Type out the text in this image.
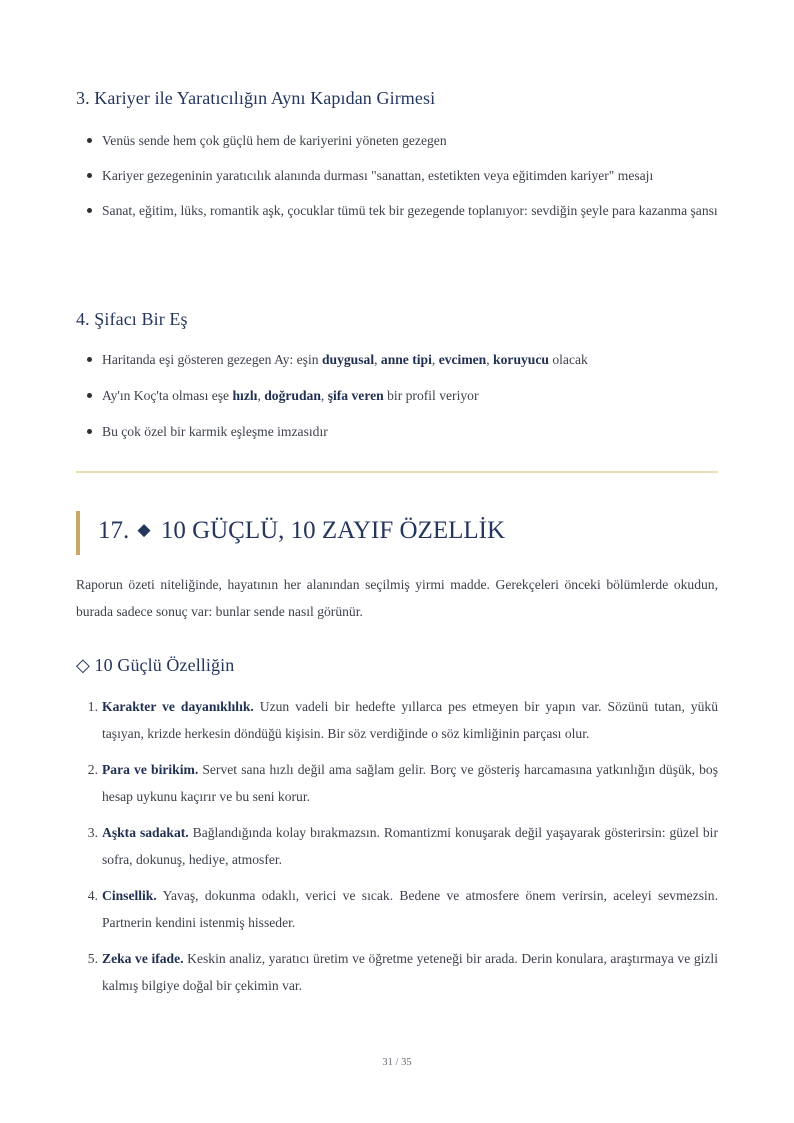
3. Kariyer ile Yaratıcılığın Aynı Kapıdan Girmesi
Venüs sende hem çok güçlü hem de kariyerini yöneten gezegen
Kariyer gezegeninin yaratıcılık alanında durması "sanattan, estetikten veya eğitimden kariyer" mesajı
Sanat, eğitim, lüks, romantik aşk, çocuklar tümü tek bir gezegende toplanıyor: sevdiğin şeyle para kazanma şansı
4. Şifacı Bir Eş
Haritanda eşi gösteren gezegen Ay: eşin duygusal, anne tipi, evcimen, koruyucu olacak
Ay'ın Koç'ta olması eşe hızlı, doğrudan, şifa veren bir profil veriyor
Bu çok özel bir karmik eşleşme imzasıdır
17. ◆ 10 GÜÇLÜ, 10 ZAYIF ÖZELLİK

Raporun özeti niteliğinde, hayatının her alanından seçilmiş yirmi madde. Gerekçeleri önceki bölümlerde okudun, burada sadece sonuç var: bunlar sende nasıl görünür.

◇ 10 Güçlü Özelliğin
1. Karakter ve dayanıklılık. Uzun vadeli bir hedefte yıllarca pes etmeyen bir yapın var. Sözünü tutan, yükü taşıyan, krizde herkesin döndüğü kişisin. Bir söz verdiğinde o söz kimliğinin parçası olur.
2. Para ve birikim. Servet sana hızlı değil ama sağlam gelir. Borç ve gösteriş harcamasına yatkınlığın düşük, boş hesap uykunu kaçırır ve bu seni korur.
3. Aşkta sadakat. Bağlandığında kolay bırakmazsın. Romantizmi konuşarak değil yaşayarak gösterirsin: güzel bir sofra, dokunuş, hediye, atmosfer.
4. Cinsellik. Yavaş, dokunma odaklı, verici ve sıcak. Bedene ve atmosfere önem verirsin, aceleyi sevmezsin. Partnerin kendini istenmiş hisseder.
5. Zeka ve ifade. Keskin analiz, yaratıcı üretim ve öğretme yeteneği bir arada. Derin konulara, araştırmaya ve gizli kalmış bilgiye doğal bir çekimin var.
31 / 35
